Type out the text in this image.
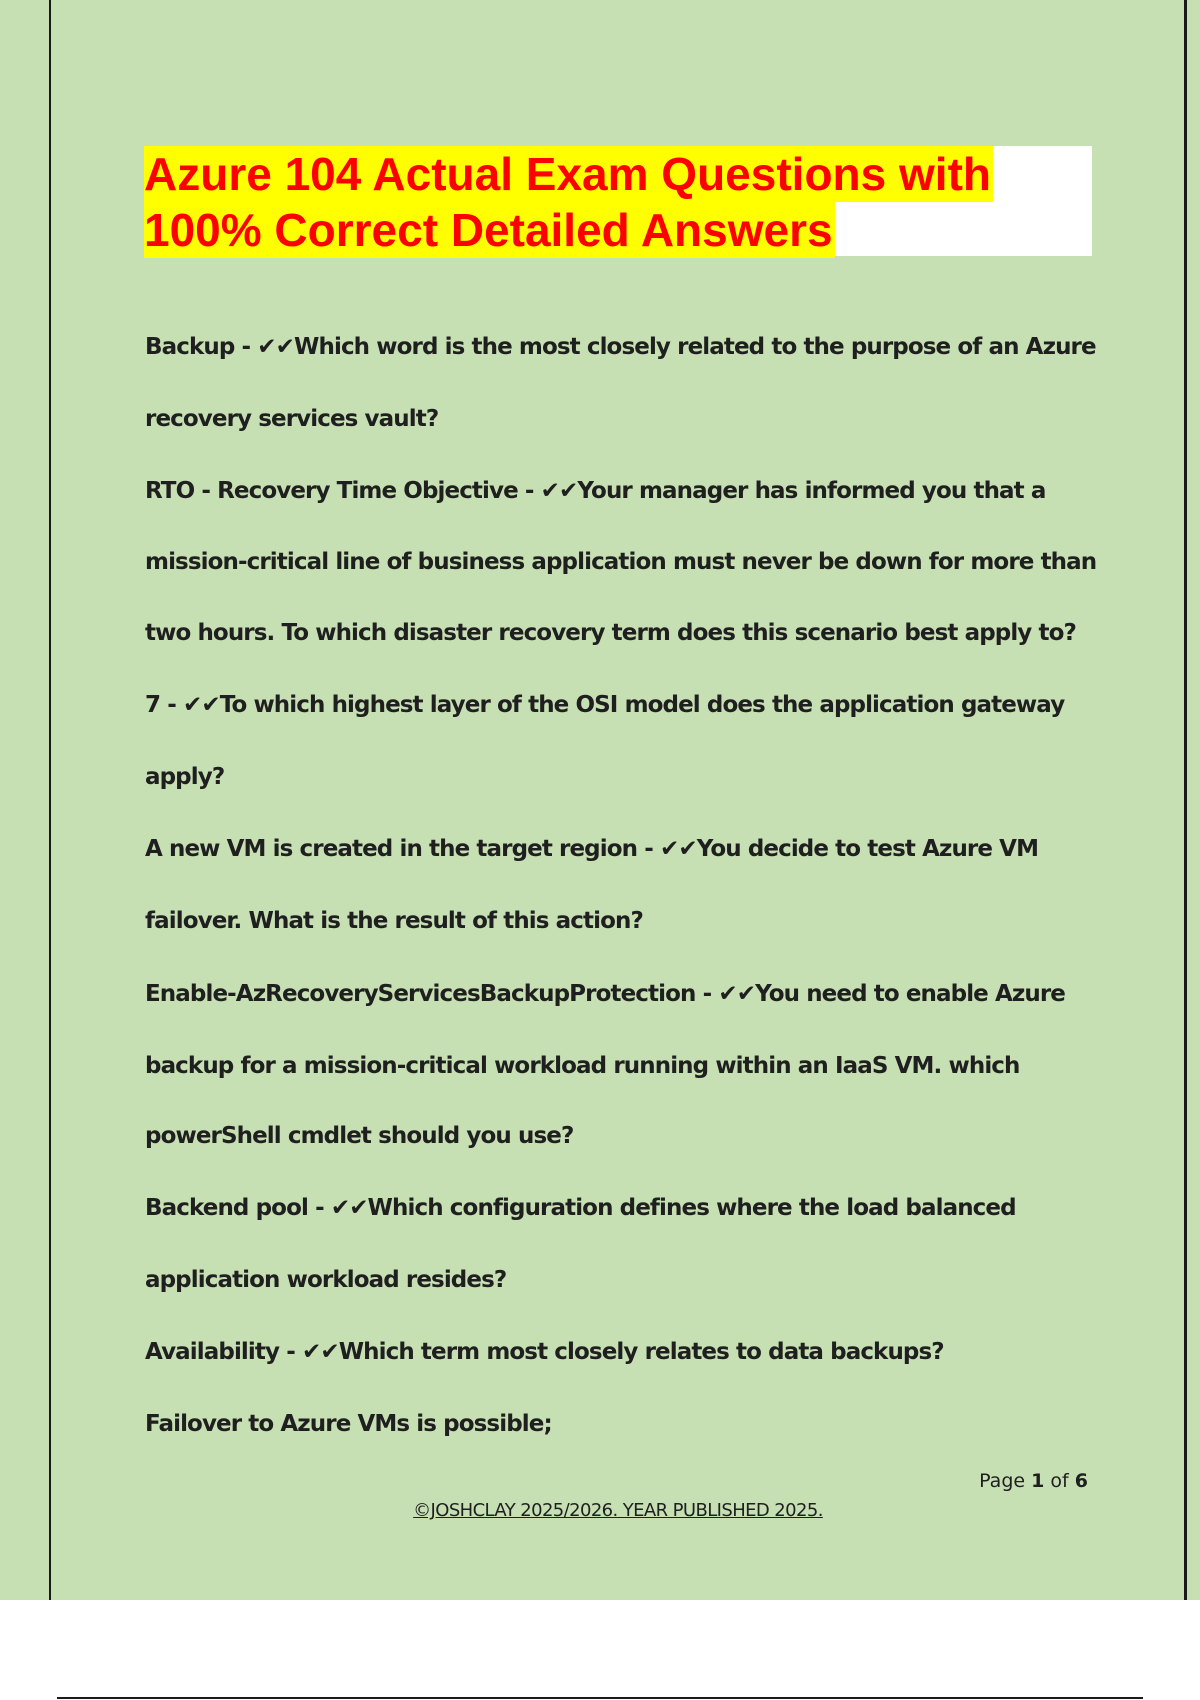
Azure 104 Actual Exam Questions with
100% Correct Detailed Answers
Backup - ✔✔Which word is the most closely related to the purpose of an Azure
recovery services vault?
RTO - Recovery Time Objective - ✔✔Your manager has informed you that a
mission-critical line of business application must never be down for more than
two hours. To which disaster recovery term does this scenario best apply to?
7 - ✔✔To which highest layer of the OSI model does the application gateway
apply?
A new VM is created in the target region - ✔✔You decide to test Azure VM
failover. What is the result of this action?
Enable-AzRecoveryServicesBackupProtection - ✔✔You need to enable Azure
backup for a mission-critical workload running within an IaaS VM. which
powerShell cmdlet should you use?
Backend pool - ✔✔Which configuration defines where the load balanced
application workload resides?
Availability - ✔✔Which term most closely relates to data backups?
Failover to Azure VMs is possible;
Page 1 of 6
©JOSHCLAY 2025/2026. YEAR PUBLISHED 2025.
